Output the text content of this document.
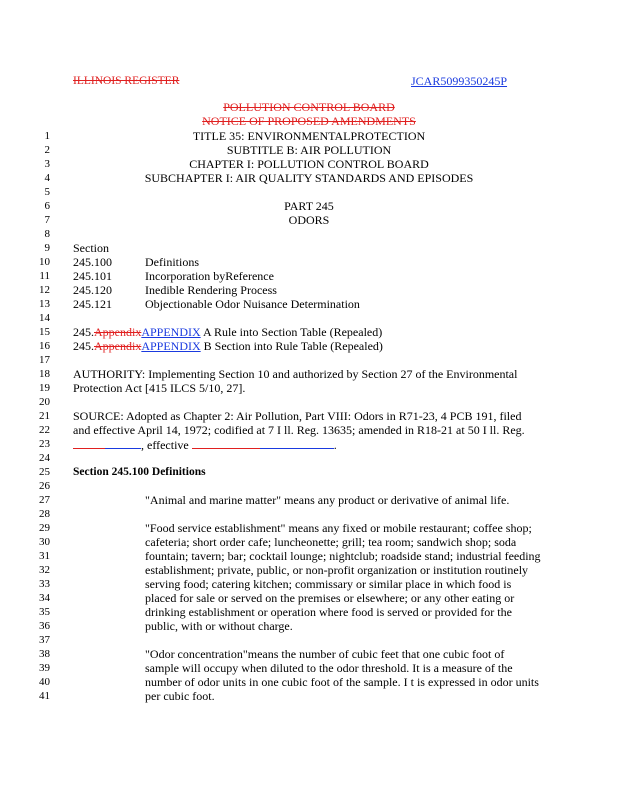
ILLINOIS REGISTER	JCAR5099350245P
POLLUTION CONTROL BOARD
NOTICE OF PROPOSED AMENDMENTS
1
2
3
4
5
6
7
8
9
10
11
12
13
14
15
16
17
18
19
20
21
22
23
24
25
26
27
28
29
30
31
32
33
34
35
36
37
38
39
40
41
TITLE 35: ENVIRONMENTALPROTECTION
SUBTITLE B: AIR POLLUTION
CHAPTER I: POLLUTION CONTROL BOARD
SUBCHAPTER I: AIR QUALITY STANDARDS AND EPISODES
PART 245
ODORS
Section
245.100	Definitions
245.101	Incorporation byReference
245.120	Inedible Rendering Process
245.121	Objectionable Odor Nuisance Determination
245.AppendixAPPENDIX A Rule into Section Table (Repealed)
245.AppendixAPPENDIX B Section into Rule Table (Repealed)
AUTHORITY: Implementing Section 10 and authorized by Section 27 of the Environmental
Protection Act [415 ILCS 5/10, 27].
SOURCE: Adopted as Chapter 2: Air Pollution, Part VIII: Odors in R71-23, 4 PCB 191, filed
and effective April 14, 1972; codified at 7 I ll. Reg. 13635; amended in R18-21 at 50 I ll. Reg.
, effective	.
Section 245.100 Definitions
"Animal and marine matter" means any product or derivative of animal life.
"Food service establishment" means any fixed or mobile restaurant; coffee shop;
cafeteria; short order cafe; luncheonette; grill; tea room; sandwich shop; soda
fountain; tavern; bar; cocktail lounge; nightclub; roadside stand; industrial feeding
establishment; private, public, or non-profit organization or institution routinely
serving food; catering kitchen; commissary or similar place in which food is
placed for sale or served on the premises or elsewhere; or any other eating or
drinking establishment or operation where food is served or provided for the
public, with or without charge.
"Odor concentration"means the number of cubic feet that one cubic foot of
sample will occupy when diluted to the odor threshold. It is a measure of the
number of odor units in one cubic foot of the sample. I t is expressed in odor units
per cubic foot.
